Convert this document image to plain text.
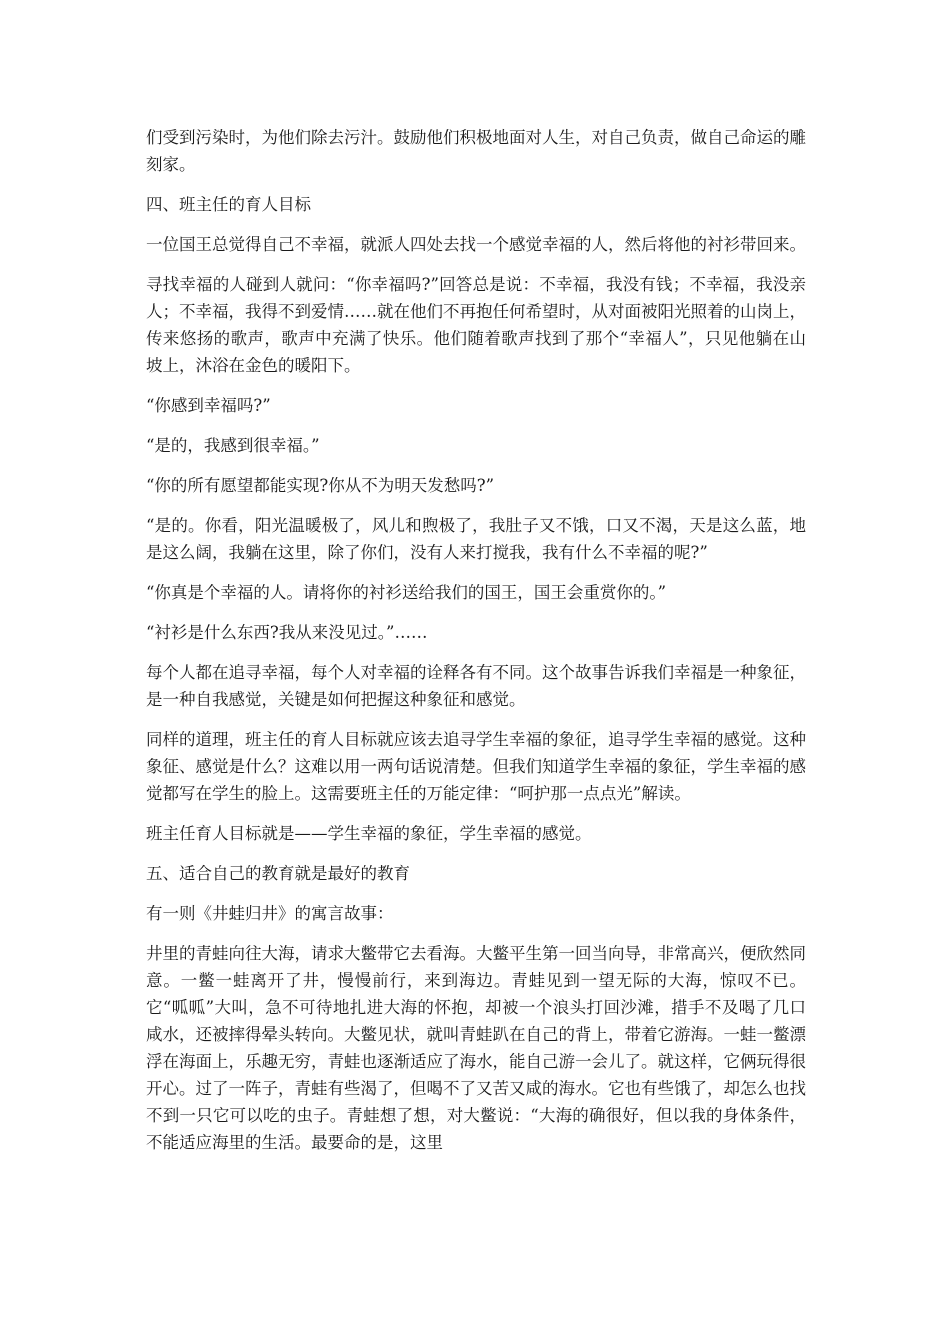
们受到污染时，为他们除去污汁。鼓励他们积极地面对人生，对自己负责，做自己命运的雕刻家。

四、班主任的育人目标

一位国王总觉得自己不幸福，就派人四处去找一个感觉幸福的人，然后将他的衬衫带回来。

寻找幸福的人碰到人就问：“你幸福吗?”回答总是说：不幸福，我没有钱；不幸福，我没亲人；不幸福，我得不到爱情……就在他们不再抱任何希望时，从对面被阳光照着的山岗上，传来悠扬的歌声，歌声中充满了快乐。他们随着歌声找到了那个“幸福人”，只见他躺在山坡上，沐浴在金色的暖阳下。

“你感到幸福吗?”

“是的，我感到很幸福。”

“你的所有愿望都能实现?你从不为明天发愁吗?”

“是的。你看，阳光温暖极了，风儿和煦极了，我肚子又不饿，口又不渴，天是这么蓝，地是这么阔，我躺在这里，除了你们，没有人来打搅我，我有什么不幸福的呢?”

“你真是个幸福的人。请将你的衬衫送给我们的国王，国王会重赏你的。”

“衬衫是什么东西?我从来没见过。”……

每个人都在追寻幸福，每个人对幸福的诠释各有不同。这个故事告诉我们幸福是一种象征，是一种自我感觉，关键是如何把握这种象征和感觉。

同样的道理，班主任的育人目标就应该去追寻学生幸福的象征，追寻学生幸福的感觉。这种象征、感觉是什么？这难以用一两句话说清楚。但我们知道学生幸福的象征，学生幸福的感觉都写在学生的脸上。这需要班主任的万能定律：“呵护那一点点光”解读。

班主任育人目标就是——学生幸福的象征，学生幸福的感觉。

五、适合自己的教育就是最好的教育

有一则《井蛙归井》的寓言故事：

井里的青蛙向往大海，请求大鳖带它去看海。大鳖平生第一回当向导，非常高兴，便欣然同意。一鳖一蛙离开了井，慢慢前行，来到海边。青蛙见到一望无际的大海，惊叹不已。它“呱呱”大叫，急不可待地扎进大海的怀抱，却被一个浪头打回沙滩，措手不及喝了几口咸水，还被摔得晕头转向。大鳖见状，就叫青蛙趴在自己的背上，带着它游海。一蛙一鳖漂浮在海面上，乐趣无穷，青蛙也逐渐适应了海水，能自己游一会儿了。就这样，它俩玩得很开心。过了一阵子，青蛙有些渴了，但喝不了又苦又咸的海水。它也有些饿了，却怎么也找不到一只它可以吃的虫子。青蛙想了想，对大鳖说：“大海的确很好，但以我的身体条件，不能适应海里的生活。最要命的是，这里
